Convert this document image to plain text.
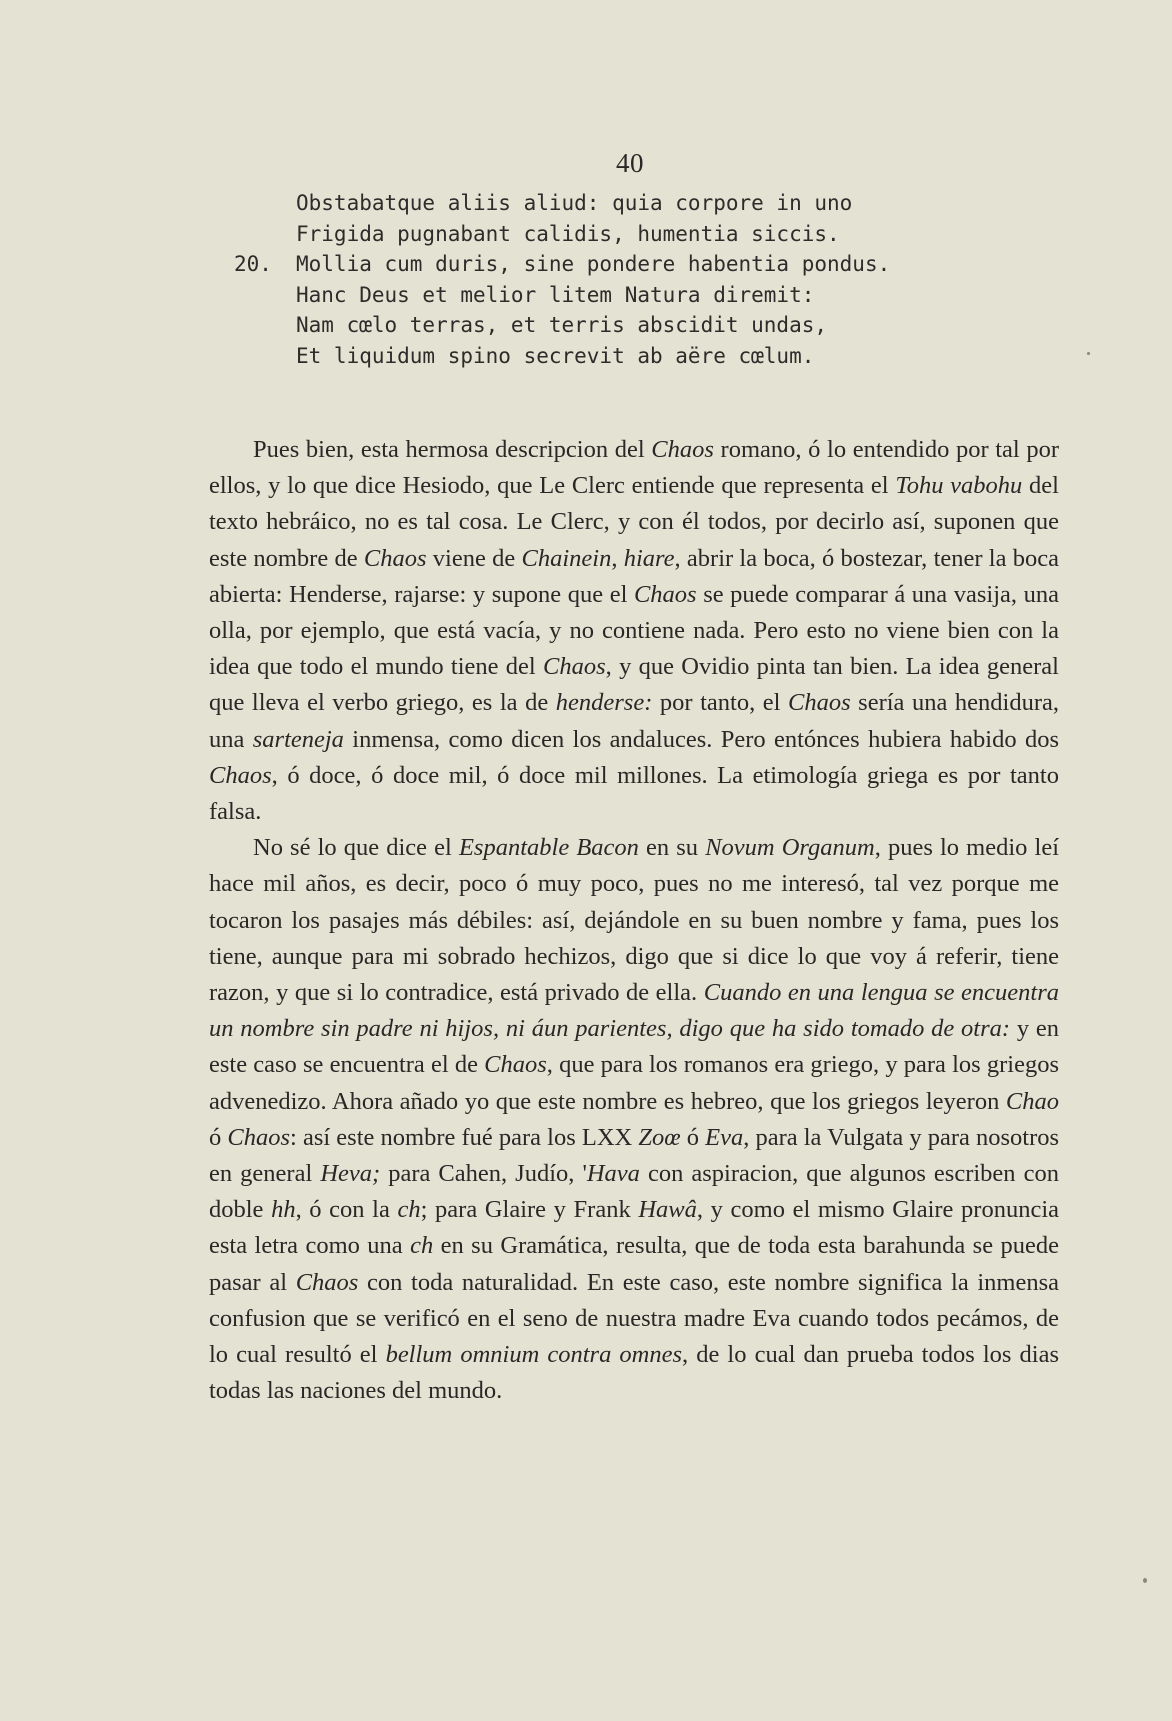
40
Obstabatque aliis aliud: quia corpore in uno
Frigida pugnabant calidis, humentia siccis.
20. Mollia cum duris, sine pondere habentia pondus.
Hanc Deus et melior litem Natura diremit:
Nam cœlo terras, et terris abscidit undas,
Et liquidum spino secrevit ab aëre cœlum.

Pues bien, esta hermosa descripcion del Chaos romano, ó lo entendido por tal por ellos, y lo que dice Hesiodo, que Le Clerc entiende que representa el Tohu vabohu del texto hebráico, no es tal cosa. Le Clerc, y con él todos, por decirlo así, suponen que este nombre de Chaos viene de Chainein, hiare, abrir la boca, ó bostezar, tener la boca abierta: Henderse, rajarse: y supone que el Chaos se puede comparar á una vasija, una olla, por ejemplo, que está vacía, y no contiene nada. Pero esto no viene bien con la idea que todo el mundo tiene del Chaos, y que Ovidio pinta tan bien. La idea general que lleva el verbo griego, es la de henderse: por tanto, el Chaos sería una hendidura, una sarteneja inmensa, como dicen los andaluces. Pero entónces hubiera habido dos Chaos, ó doce, ó doce mil, ó doce mil millones. La etimología griega es por tanto falsa.

No sé lo que dice el Espantable Bacon en su Novum Organum, pues lo medio leí hace mil años, es decir, poco ó muy poco, pues no me interesó, tal vez porque me tocaron los pasajes más débiles: así, dejándole en su buen nombre y fama, pues los tiene, aunque para mi sobrado hechizos, digo que si dice lo que voy á referir, tiene razon, y que si lo contradice, está privado de ella. Cuando en una lengua se encuentra un nombre sin padre ni hijos, ni áun parientes, digo que ha sido tomado de otra: y en este caso se encuentra el de Chaos, que para los romanos era griego, y para los griegos advenedizo. Ahora añado yo que este nombre es hebreo, que los griegos leyeron Chao ó Chaos: así este nombre fué para los LXX Zoœ ó Eva, para la Vulgata y para nosotros en general Heva; para Cahen, Judío, 'Hava con aspiracion, que algunos escriben con doble hh, ó con la ch; para Glaire y Frank Hawâ, y como el mismo Glaire pronuncia esta letra como una ch en su Gramática, resulta, que de toda esta barahunda se puede pasar al Chaos con toda naturalidad. En este caso, este nombre significa la inmensa confusion que se verificó en el seno de nuestra madre Eva cuando todos pecámos, de lo cual resultó el bellum omnium contra omnes, de lo cual dan prueba todos los dias todas las naciones del mundo.
